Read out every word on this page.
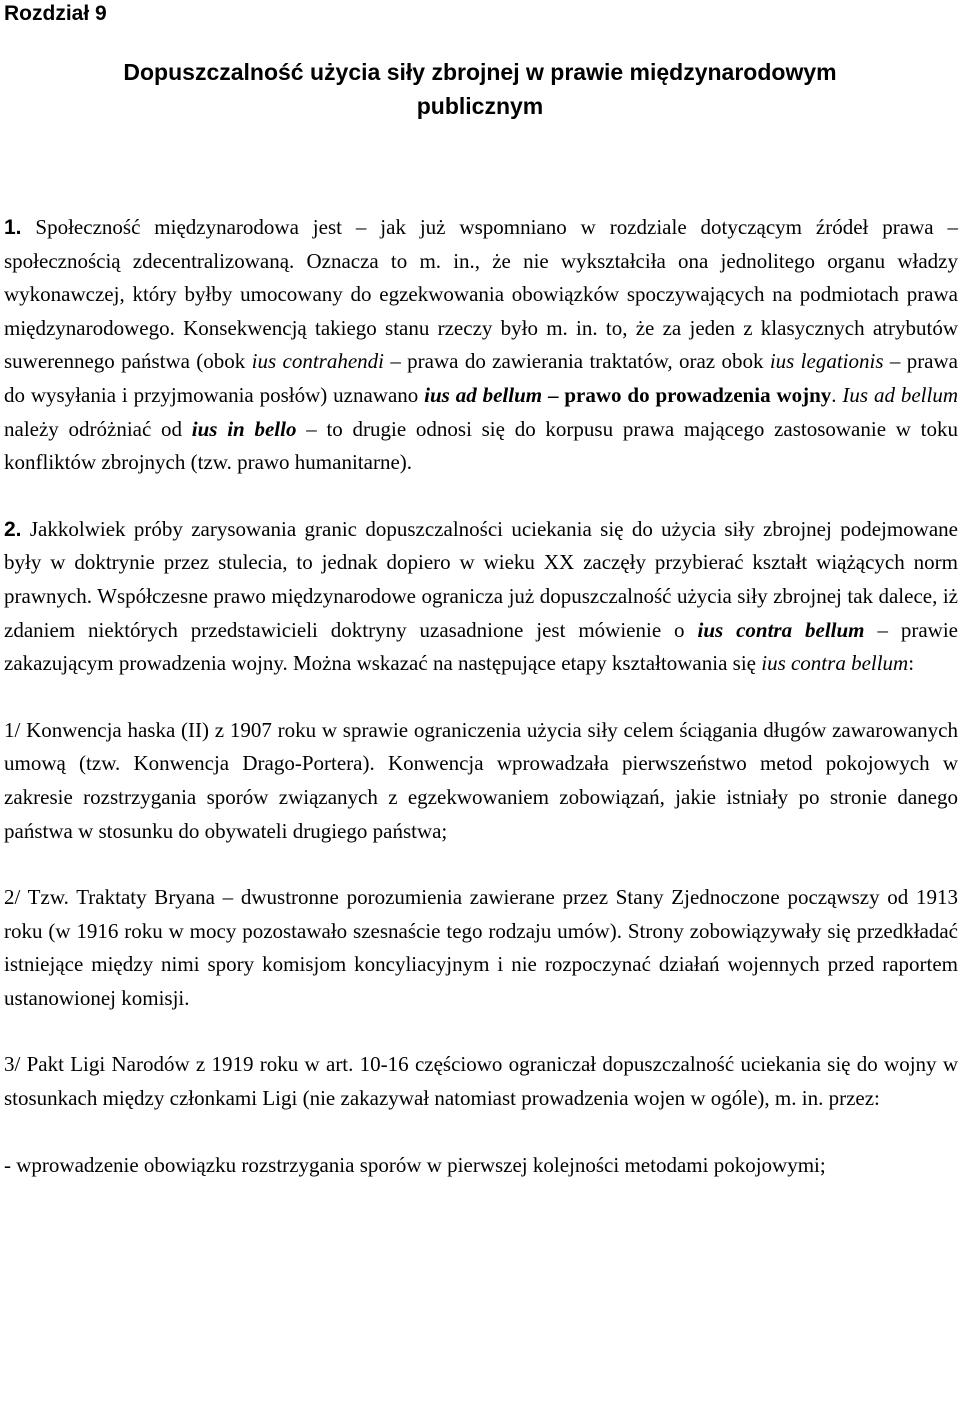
Rozdział 9
Dopuszczalność użycia siły zbrojnej w prawie międzynarodowym
publicznym

1. Społeczność międzynarodowa jest – jak już wspomniano w rozdziale dotyczącym źródeł prawa – społecznością zdecentralizowaną. Oznacza to m. in., że nie wykształciła ona jednolitego organu władzy wykonawczej, który byłby umocowany do egzekwowania obowiązków spoczywających na podmiotach prawa międzynarodowego. Konsekwencją takiego stanu rzeczy było m. in. to, że za jeden z klasycznych atrybutów suwerennego państwa (obok ius contrahendi – prawa do zawierania traktatów, oraz obok ius legationis – prawa do wysyłania i przyjmowania posłów) uznawano ius ad bellum – prawo do prowadzenia wojny. Ius ad bellum należy odróżniać od ius in bello – to drugie odnosi się do korpusu prawa mającego zastosowanie w toku konfliktów zbrojnych (tzw. prawo humanitarne).

2. Jakkolwiek próby zarysowania granic dopuszczalności uciekania się do użycia siły zbrojnej podejmowane były w doktrynie przez stulecia, to jednak dopiero w wieku XX zaczęły przybierać kształt wiążących norm prawnych. Współczesne prawo międzynarodowe ogranicza już dopuszczalność użycia siły zbrojnej tak dalece, iż zdaniem niektórych przedstawicieli doktryny uzasadnione jest mówienie o ius contra bellum – prawie zakazującym prowadzenia wojny. Można wskazać na następujące etapy kształtowania się ius contra bellum:

1/ Konwencja haska (II) z 1907 roku w sprawie ograniczenia użycia siły celem ściągania długów zawarowanych umową (tzw. Konwencja Drago-Portera). Konwencja wprowadzała pierwszeństwo metod pokojowych w zakresie rozstrzygania sporów związanych z egzekwowaniem zobowiązań, jakie istniały po stronie danego państwa w stosunku do obywateli drugiego państwa;

2/ Tzw. Traktaty Bryana – dwustronne porozumienia zawierane przez Stany Zjednoczone począwszy od 1913 roku (w 1916 roku w mocy pozostawało szesnaście tego rodzaju umów). Strony zobowiązywały się przedkładać istniejące między nimi spory komisjom koncyliacyjnym i nie rozpoczynać działań wojennych przed raportem ustanowionej komisji.

3/ Pakt Ligi Narodów z 1919 roku w art. 10-16 częściowo ograniczał dopuszczalność uciekania się do wojny w stosunkach między członkami Ligi (nie zakazywał natomiast prowadzenia wojen w ogóle), m. in. przez:

- wprowadzenie obowiązku rozstrzygania sporów w pierwszej kolejności metodami pokojowymi;
